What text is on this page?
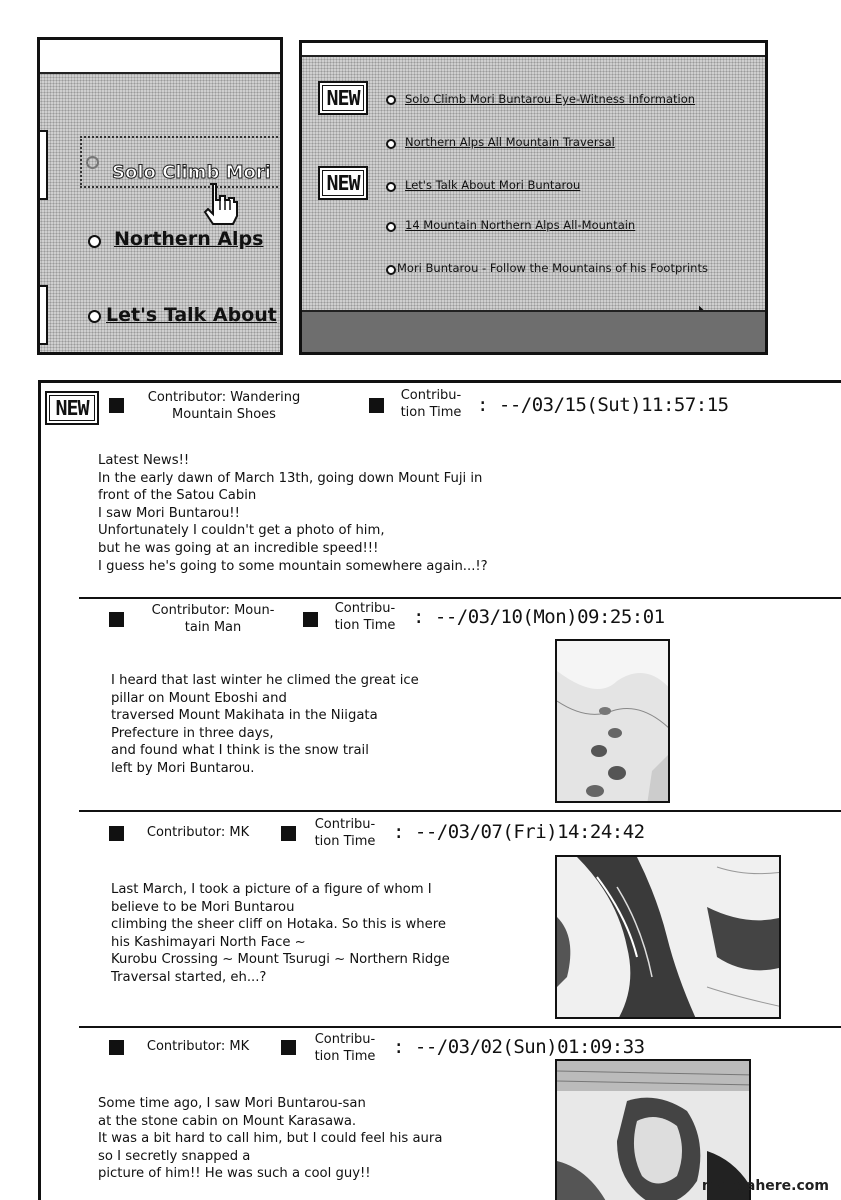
Solo Climb Mori
Northern Alps
Let's Talk About
NEW	Solo Climb Mori Buntarou Eye-Witness Information
Northern Alps All Mountain Traversal
NEW	Let's Talk About Mori Buntarou
14 Mountain Northern Alps All-Mountain
Mori Buntarou - Follow the Mountains of his Footprints
NEW	Contributor: Wandering
Mountain Shoes
Contribu-
tion Time : --/03/15(Sut)11:57:15
Latest News!!
In the early dawn of March 13th, going down Mount Fuji in
front of the Satou Cabin
I saw Mori Buntarou!!
Unfortunately I couldn't get a photo of him,
but he was going at an incredible speed!!!
I guess he's going to some mountain somewhere again...!?
Contributor: Moun-
tain Man
Contribu-
tion Time : --/03/10(Mon)09:25:01
I heard that last winter he climed the great ice
pillar on Mount Eboshi and
traversed Mount Makihata in the Niigata
Prefecture in three days,
and found what I think is the snow trail
left by Mori Buntarou.
Contributor: MK
Contribu-
tion Time : --/03/07(Fri)14:24:42
Last March, I took a picture of a figure of whom I
believe to be Mori Buntarou
climbing the sheer cliff on Hotaka. So this is where
his Kashimayari North Face ~
Kurobu Crossing ~ Mount Tsurugi ~ Northern Ridge
Traversal started, eh...?
Contributor: MK	Contribu-
tion Time : --/03/02(Sun)01:09:33
Some time ago, I saw Mori Buntarou-san
at the stone cabin on Mount Karasawa.
It was a bit hard to call him, but I could feel his aura
so I secretly snapped a
picture of him!! He was such a cool guy!!
mangahere.com
